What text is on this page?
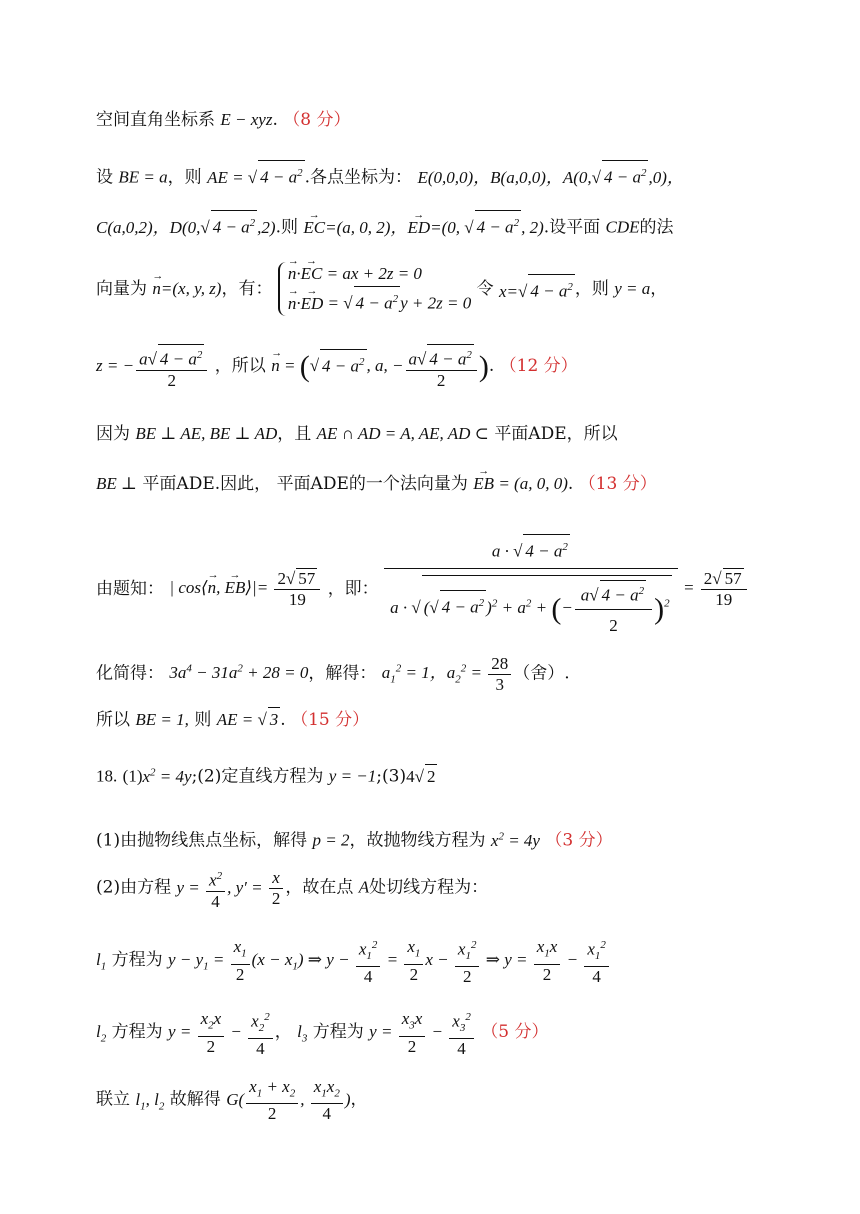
空间直角坐标系 E − xyz. （8 分）
设 BE = a，则 AE = √ $4 - a^2$ .各点坐标为： E(0,0,0)，B(a,0,0)，A(0,√ $4 - a^2$ ,0)，
C(a,0,2)，D(0,√ $4 - a^2$ ,2).则 → EC=(a, 0, 2)，→ ED=(0, √ $4 - a^2$ , 2).设平面 CDE的法
向量为 → n=(x, y, z)，有：
→ n·→ EC = ax + 2z = 0
→ n·→ ED = √ $4 - a^2$ y + 2z = 0
令 x=√ $4 - a^2$ ，则 y = a，
z = − $\frac{a√ 4 - a^2}{2}$ ，所以 → n = (√ $4 - a^2$ , a, − $\frac{a√ 4 - a^2}{2}$ ). （12 分）
因为 BE ⊥ AE, BE ⊥ AD，且 AE ∩ AD = A, AE, AD ⊂ 平面ADE，所以
BE ⊥ 平面ADE.因此， 平面ADE的一个法向量为 → EB = (a, 0, 0). （13 分）
由题知： | cos⟨→ n, → EB⟩|= $\frac{2√ 57}{19}$ ，即： $\frac{a \cdot √ 4 - a^2}{a \cdot √ (√ 4 - a^2 )^2 + a^2 + (- \frac{a√ 4 - a^2}{2} )^2} = \frac{2√ 57}{19}$
化简得： $3a^4 - 31a^2 + 28 = 0$，解得： $a_1^2 = 1$，$a_2^2 = \frac{28}{3}$ （舍）.
所以 BE = 1, 则 AE = √ 3 . （15 分）
18. $(1)x^2$ = 4y;(2)定直线方程为 y = −1;(3)4√ 2
(1)由抛物线焦点坐标，解得 p = 2，故抛物线方程为 $x^2 = 4y$ （3 分）
(2)由方程 $y = \frac{x^2}{4}$ , $y' = \frac{x}{2}$ ，故在点 A处切线方程为：
$l_1$ 方程为 $y - y_1 = \frac{x_1}{2} (x - x_1)$ ⇒ $y - \frac{x_1^2}{4} = \frac{x_1}{2}$ $x - \frac{x_1^2}{2}$ ⇒ $y = \frac{x_1x}{2} - \frac{x_1^2}{4}$
$l_2$ 方程为 $y = \frac{x_2x}{2} - \frac{x_2^2}{4}$ ， $l_3$ 方程为 $y = \frac{x_3x}{2} - \frac{x_3^2}{4} (5$ 分）
联立 $l_1$, $l_2$ 故解得 $G( \frac{x_1 + x_2}{2}$ , $\frac{x_1x_2}{4}$ )，
